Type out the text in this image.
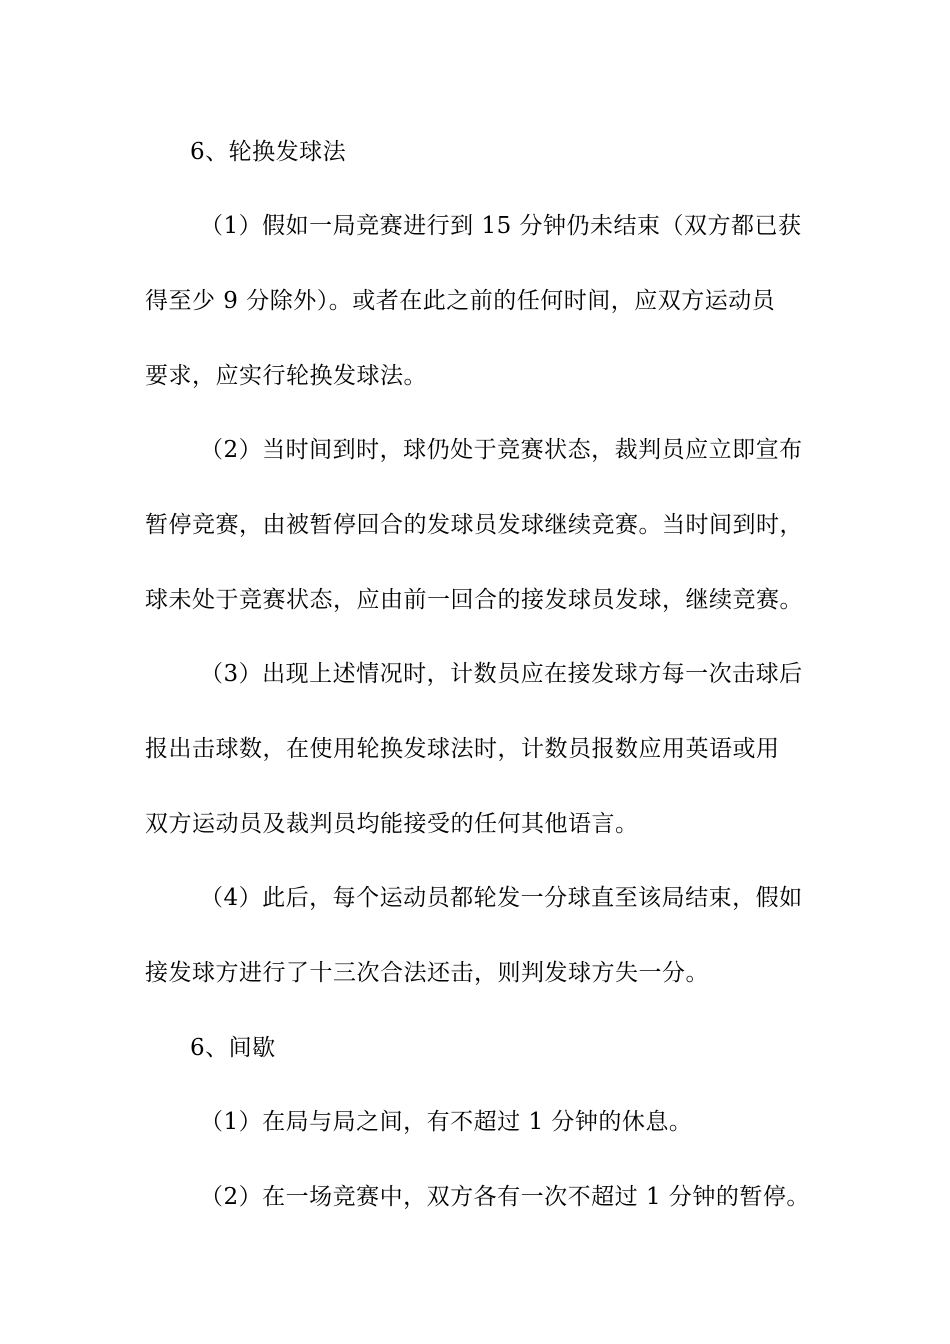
6、轮换发球法
（1）假如一局竞赛进行到 15 分钟仍未结束（双方都已获
得至少 9 分除外）。或者在此之前的任何时间，应双方运动员
要求，应实行轮换发球法。
（2）当时间到时，球仍处于竞赛状态，裁判员应立即宣布
暂停竞赛，由被暂停回合的发球员发球继续竞赛。当时间到时，
球未处于竞赛状态，应由前一回合的接发球员发球，继续竞赛。
（3）出现上述情况时，计数员应在接发球方每一次击球后
报出击球数，在使用轮换发球法时，计数员报数应用英语或用
双方运动员及裁判员均能接受的任何其他语言。
（4）此后，每个运动员都轮发一分球直至该局结束，假如
接发球方进行了十三次合法还击，则判发球方失一分。
6、间歇
（1）在局与局之间，有不超过 1 分钟的休息。
（2）在一场竞赛中，双方各有一次不超过 1 分钟的暂停。
